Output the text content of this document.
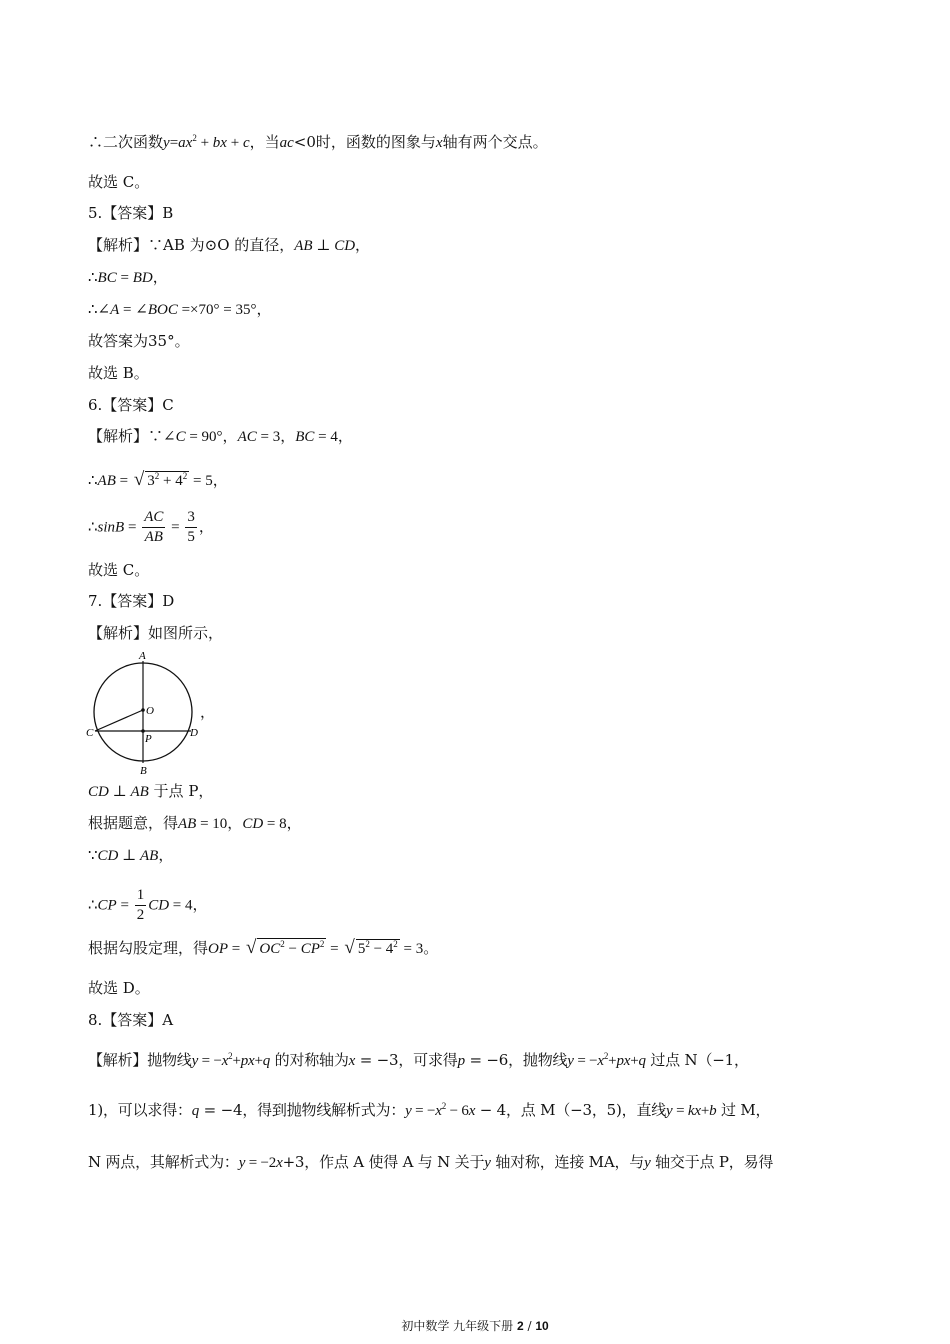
∴二次函数$y=ax^2$ + bx + c，当ac<0时，函数的图象与x轴有两个交点。
故选 C。
5.【答案】B
【解析】∵AB 为⊙O 的直径，AB ⊥ CD，
∴BC = BD，
∴∠A = ∠BOC =×70° = 35°，
故答案为35°。
故选 B。
6.【答案】C
【解析】∵∠C = 90°，AC = 3，BC = 4，
∴AB = √ $3^2 + 4^2 = 5$，
∴sinB = $\frac{AC}{AB} = \frac{3}{5}$ ，
故选 C。
7.【答案】D
【解析】如图所示，
A
B
C	D
O
P
，
CD ⊥ AB 于点 P，
根据题意，得AB = 10，CD = 8，
∵CD ⊥ AB，
∴CP = $\frac{1}{2}$ CD = 4，
根据勾股定理，得OP = √ $OC^2 - CP^2$ = √ $5^2 - 4^2 = 3$。
故选 D。
8.【答案】A
【解析】抛物线$y = -x^2+px+q$ 的对称轴为x = −3，可求得p = −6，抛物线$y = -x^2+px+q$ 过点 N（−1，
1)，可以求得：q = −4，得到抛物线解析式为：$y = -x^2 - 6x - 4$，点 M（−3，5)，直线y = kx+b 过 M，
N 两点，其解析式为：y = −2x+3，作点 A 使得 A 与 N 关于y 轴对称，连接 MA，与y 轴交于点 P，易得
初中数学 九年级下册 2 / 10
